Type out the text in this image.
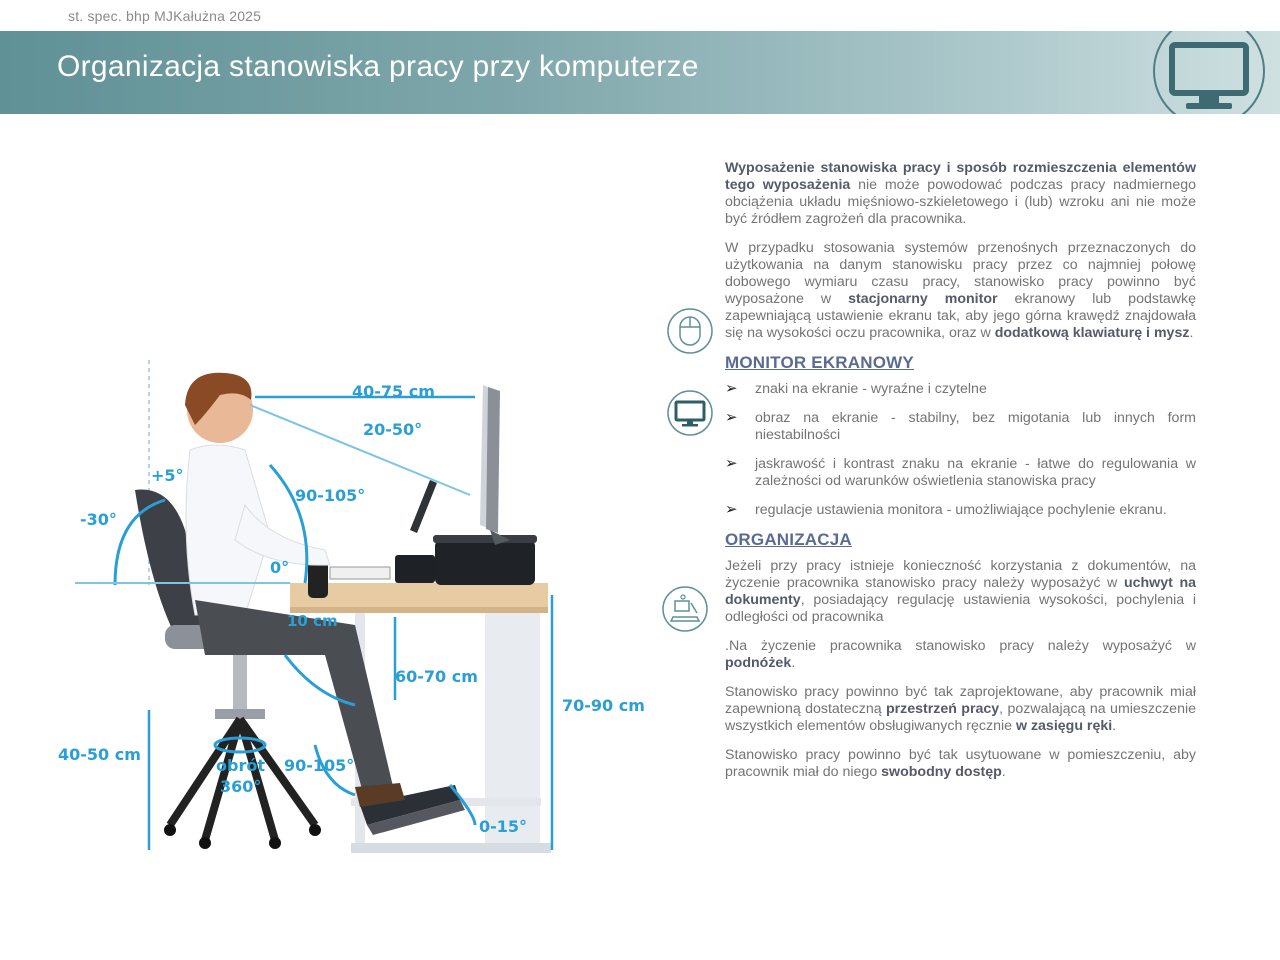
st. spec. bhp MJKałużna 2025
Organizacja stanowiska pracy przy komputerze
40-75 cm
20-50°
+5°
-30°
90-105°
0°
10 cm
60-70 cm
70-90 cm
40-50 cm
obrót
360°
90-105°
0-15°

Wyposażenie stanowiska pracy i sposób rozmieszczenia elementów tego wyposażenia nie może powodować podczas pracy nadmiernego obciążenia układu mięśniowo-szkieletowego i (lub) wzroku ani nie może być źródłem zagrożeń dla pracownika.

W przypadku stosowania systemów przenośnych przeznaczonych do użytkowania na danym stanowisku pracy przez co najmniej połowę dobowego wymiaru czasu pracy, stanowisko pracy powinno być wyposażone w stacjonarny monitor ekranowy lub podstawkę zapewniającą ustawienie ekranu tak, aby jego górna krawędź znajdowała się na wysokości oczu pracownika, oraz w dodatkową klawiaturę i mysz.

MONITOR EKRANOWY
➢ znaki na ekranie - wyraźne i czytelne
➢ obraz na ekranie - stabilny, bez migotania lub innych form niestabilności
➢ jaskrawość i kontrast znaku na ekranie - łatwe do regulowania w zależności od warunków oświetlenia stanowiska pracy
➢ regulacje ustawienia monitora - umożliwiające pochylenie ekranu.
ORGANIZACJA

Jeżeli przy pracy istnieje konieczność korzystania z dokumentów, na życzenie pracownika stanowisko pracy należy wyposażyć w uchwyt na dokumenty, posiadający regulację ustawienia wysokości, pochylenia i odległości od pracownika

.Na życzenie pracownika stanowisko pracy należy wyposażyć w podnóżek.

Stanowisko pracy powinno być tak zaprojektowane, aby pracownik miał zapewnioną dostateczną przestrzeń pracy, pozwalającą na umieszczenie wszystkich elementów obsługiwanych ręcznie w zasięgu ręki.

Stanowisko pracy powinno być tak usytuowane w pomieszczeniu, aby pracownik miał do niego swobodny dostęp.
